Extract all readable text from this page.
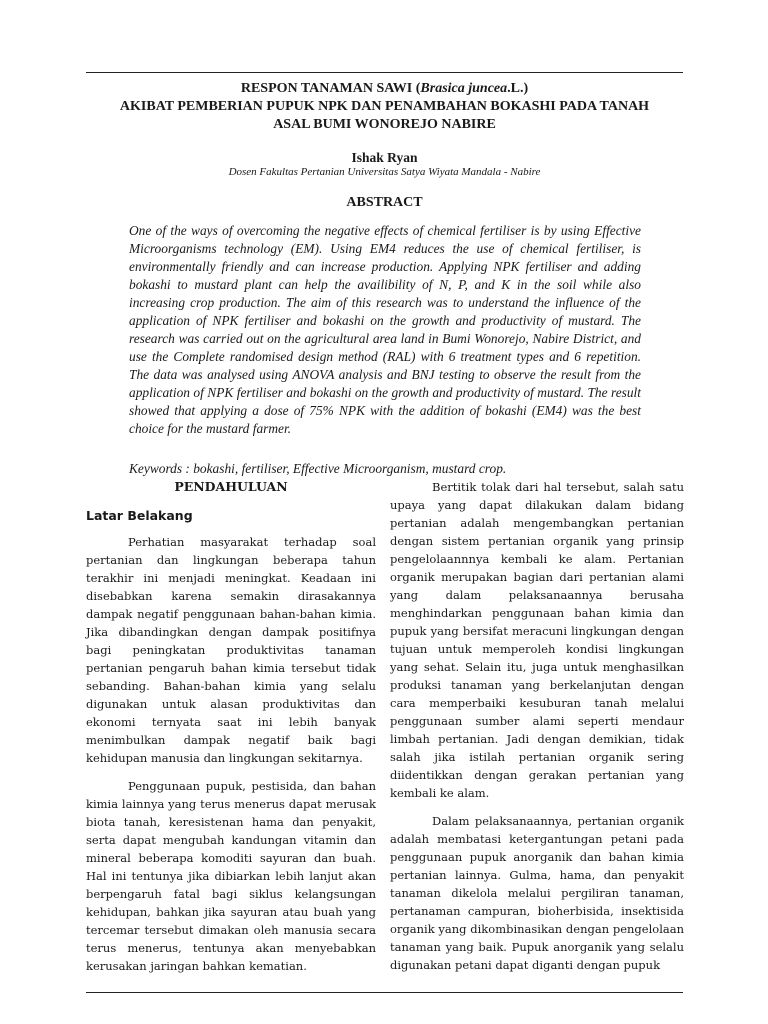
RESPON TANAMAN SAWI (Brasica juncea.L.)
AKIBAT PEMBERIAN PUPUK NPK DAN PENAMBAHAN BOKASHI PADA TANAH
ASAL BUMI WONOREJO NABIRE
Ishak Ryan
Dosen Fakultas Pertanian Universitas Satya Wiyata Mandala - Nabire
ABSTRACT

One of the ways of overcoming the negative effects of chemical fertiliser is by using Effective Microorganisms technology (EM). Using EM4 reduces the use of chemical fertiliser, is environmentally friendly and can increase production. Applying NPK fertiliser and adding bokashi to mustard plant can help the availibility of N, P, and K in the soil while also increasing crop production. The aim of this research was to understand the influence of the application of NPK fertiliser and bokashi on the growth and productivity of mustard. The research was carried out on the agricultural area land in Bumi Wonorejo, Nabire District, and use the Complete randomised design method (RAL) with 6 treatment types and 6 repetition. The data was analysed using ANOVA analysis and BNJ testing to observe the result from the application of NPK fertiliser and bokashi on the growth and productivity of mustard. The result showed that applying a dose of 75% NPK with the addition of bokashi (EM4) was the best choice for the mustard farmer.

Keywords : bokashi, fertiliser, Effective Microorganism, mustard crop.

PENDAHULUAN
Latar Belakang

Perhatian masyarakat terhadap soal pertanian dan lingkungan beberapa tahun terakhir ini menjadi meningkat. Keadaan ini disebabkan karena semakin dirasakannya dampak negatif penggunaan bahan-bahan kimia. Jika dibandingkan dengan dampak positifnya bagi peningkatan produktivitas tanaman pertanian pengaruh bahan kimia tersebut tidak sebanding. Bahan-bahan kimia yang selalu digunakan untuk alasan produktivitas dan ekonomi ternyata saat ini lebih banyak menimbulkan dampak negatif baik bagi kehidupan manusia dan lingkungan sekitarnya.

Penggunaan pupuk, pestisida, dan bahan kimia lainnya yang terus menerus dapat merusak biota tanah, keresistenan hama dan penyakit, serta dapat mengubah kandungan vitamin dan mineral beberapa komoditi sayuran dan buah. Hal ini tentunya jika dibiarkan lebih lanjut akan berpengaruh fatal bagi siklus kelangsungan kehidupan, bahkan jika sayuran atau buah yang tercemar tersebut dimakan oleh manusia secara terus menerus, tentunya akan menyebabkan kerusakan jaringan bahkan kematian.

Bertitik tolak dari hal tersebut, salah satu upaya yang dapat dilakukan dalam bidang pertanian adalah mengembangkan pertanian dengan sistem pertanian organik yang prinsip pengelolaannnya kembali ke alam. Pertanian organik merupakan bagian dari pertanian alami yang dalam pelaksanaannya berusaha menghindarkan penggunaan bahan kimia dan pupuk yang bersifat meracuni lingkungan dengan tujuan untuk memperoleh kondisi lingkungan yang sehat. Selain itu, juga untuk menghasilkan produksi tanaman yang berkelanjutan dengan cara memperbaiki kesuburan tanah melalui penggunaan sumber alami seperti mendaur limbah pertanian. Jadi dengan demikian, tidak salah jika istilah pertanian organik sering diidentikkan dengan gerakan pertanian yang kembali ke alam.

Dalam pelaksanaannya, pertanian organik adalah membatasi ketergantungan petani pada penggunaan pupuk anorganik dan bahan kimia pertanian lainnya. Gulma, hama, dan penyakit tanaman dikelola melalui pergiliran tanaman, pertanaman campuran, bioherbisida, insektisida organik yang dikombinasikan dengan pengelolaan tanaman yang baik. Pupuk anorganik yang selalu digunakan petani dapat diganti dengan pupuk
